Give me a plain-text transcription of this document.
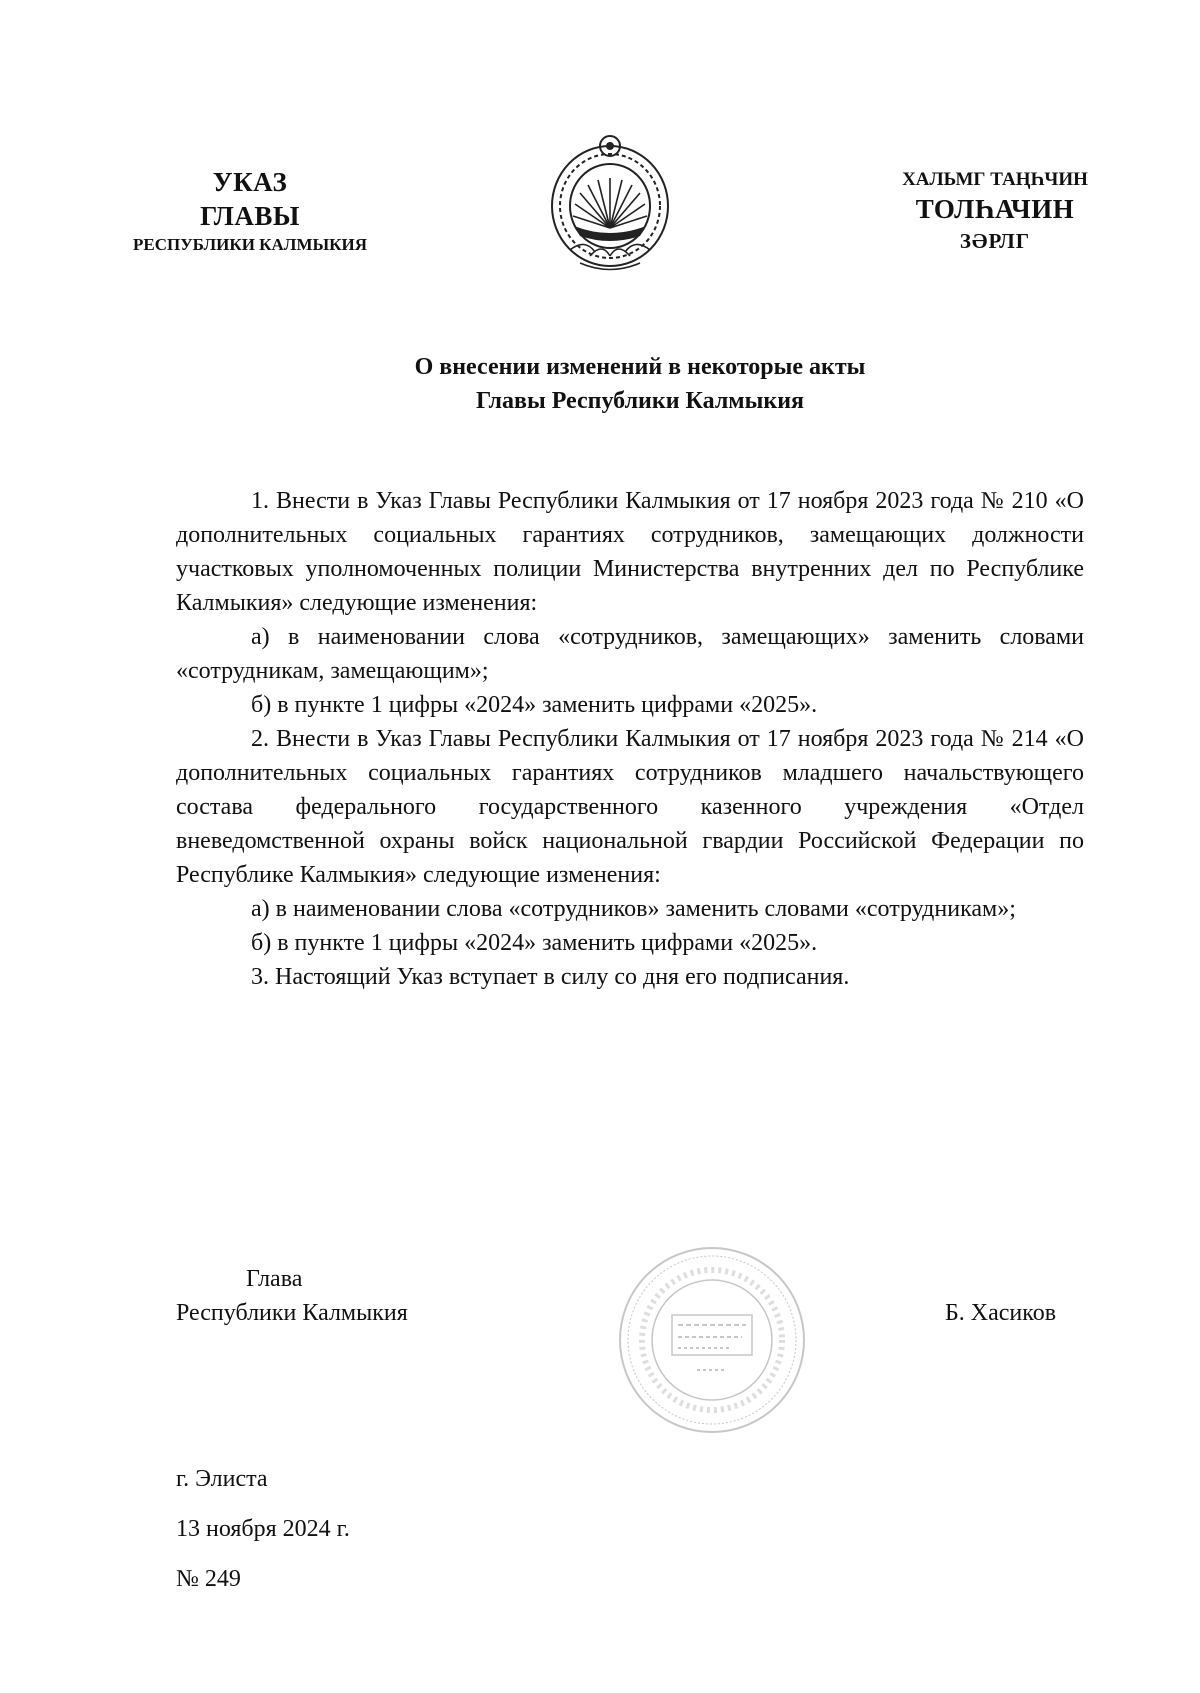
УКАЗ
ГЛАВЫ
РЕСПУБЛИКИ КАЛМЫКИЯ
ХАЛЬМГ ТАҢҺЧИН
ТОЛҺАЧИН
ЗӘРЛГ
О внесении изменений в некоторые акты
Главы Республики Калмыкия

1. Внести в Указ Главы Республики Калмыкия от 17 ноября 2023 года № 210 «О дополнительных социальных гарантиях сотрудников, замещающих должности участковых уполномоченных полиции Министерства внутренних дел по Республике Калмыкия» следующие изменения:

а) в наименовании слова «сотрудников, замещающих» заменить словами «сотрудникам, замещающим»;

б) в пункте 1 цифры «2024» заменить цифрами «2025».

2. Внести в Указ Главы Республики Калмыкия от 17 ноября 2023 года № 214 «О дополнительных социальных гарантиях сотрудников младшего начальствующего состава федерального государственного казенного учреждения «Отдел вневедомственной охраны войск национальной гвардии Российской Федерации по Республике Калмыкия» следующие изменения:

а) в наименовании слова «сотрудников» заменить словами «сотрудникам»;

б) в пункте 1 цифры «2024» заменить цифрами «2025».

3. Настоящий Указ вступает в силу со дня его подписания.

Глава
Республики Калмыкия	Б. Хасиков
г. Элиста
13 ноября 2024 г.
№ 249
